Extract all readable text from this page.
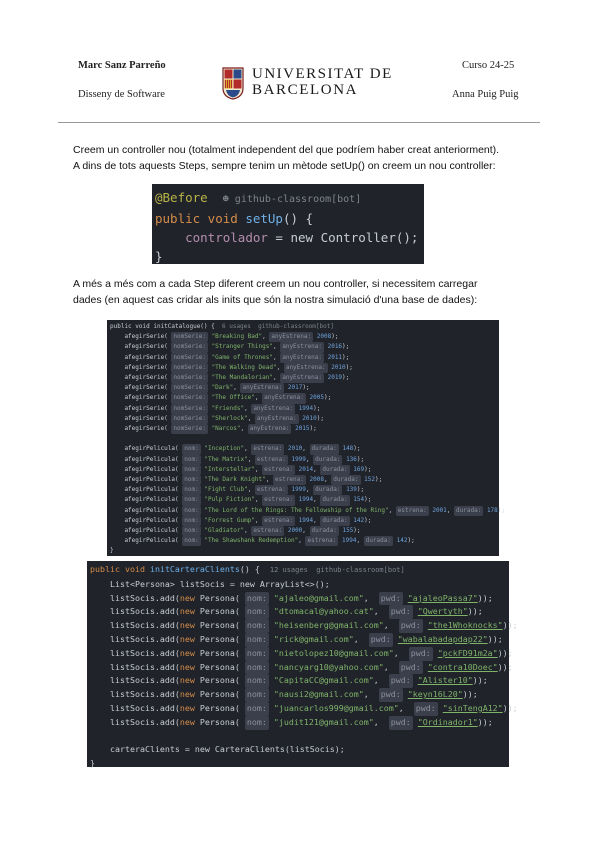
Marc Sanz Parreño
Disseny de Software
Curso 24-25
Anna Puig Puig
UNIVERSITAT DE
BARCELONA
Creem un controller nou (totalment independent del que podríem haber creat anteriorment).
A dins de tots aquests Steps, sempre tenim un mètode setUp() on creem un nou controller:
@Before ☻ github-classroom[bot]
public void setUp() {
controlador = new Controller();
}
A més a més com a cada Step diferent creem un nou controller, si necessitem carregar
dades (en aquest cas cridar als inits que són la nostra simulació d'una base de dades):
public void initCatalogue() { 6 usages  github-classroom[bot]
afegirSerie( nomSerie: "Breaking Bad", anyEstrena: 2008);
afegirSerie( nomSerie: "Stranger Things", anyEstrena: 2016);
afegirSerie( nomSerie: "Game of Thrones", anyEstrena: 2011);
afegirSerie( nomSerie: "The Walking Dead", anyEstrena: 2010);
afegirSerie( nomSerie: "The Mandalorian", anyEstrena: 2019);
afegirSerie( nomSerie: "Dark", anyEstrena: 2017);
afegirSerie( nomSerie: "The Office", anyEstrena: 2005);
afegirSerie( nomSerie: "Friends", anyEstrena: 1994);
afegirSerie( nomSerie: "Sherlock", anyEstrena: 2010);
afegirSerie( nomSerie: "Narcos", anyEstrena: 2015);

afegirPelicula( nom: "Inception", estrena: 2010, durada: 148);
afegirPelicula( nom: "The Matrix", estrena: 1999, durada: 136);
afegirPelicula( nom: "Interstellar", estrena: 2014, durada: 169);
afegirPelicula( nom: "The Dark Knight", estrena: 2008, durada: 152);
afegirPelicula( nom: "Fight Club", estrena: 1999, durada: 139);
afegirPelicula( nom: "Pulp Fiction", estrena: 1994, durada: 154);
afegirPelicula( nom: "The Lord of the Rings: The Fellowship of the Ring", estrena: 2001, durada: 178);
afegirPelicula( nom: "Forrest Gump", estrena: 1994, durada: 142);
afegirPelicula( nom: "Gladiator", estrena: 2000, durada: 155);
afegirPelicula( nom: "The Shawshank Redemption", estrena: 1994, durada: 142);
}
public void initCarteraClients() { 12 usages  github-classroom[bot]
List<Persona> listSocis = new ArrayList<>();
listSocis.add(new Persona( nom: "ajaleo@gmail.com",  pwd: "ajaleoPassa7"));
listSocis.add(new Persona( nom: "dtomacal@yahoo.cat",  pwd: "Qwertyth"));
listSocis.add(new Persona( nom: "heisenberg@gmail.com",  pwd: "the1Whoknocks"));
listSocis.add(new Persona( nom: "rick@gmail.com",  pwd: "wabalabadapdap22"));
listSocis.add(new Persona( nom: "nietolopez10@gmail.com",  pwd: "pckFD91m2a"));
listSocis.add(new Persona( nom: "nancyarg10@yahoo.com",  pwd: "contra10Doec"));
listSocis.add(new Persona( nom: "CapitaCC@gmail.com",  pwd: "Alister10"));
listSocis.add(new Persona( nom: "nausi2@gmail.com",  pwd: "keyn16L20"));
listSocis.add(new Persona( nom: "juancarlos999@gmail.com",  pwd: "sinTengA12"));
listSocis.add(new Persona( nom: "judit121@gmail.com",  pwd: "Ordinador1"));

carteraClients = new CarteraClients(listSocis);
}
